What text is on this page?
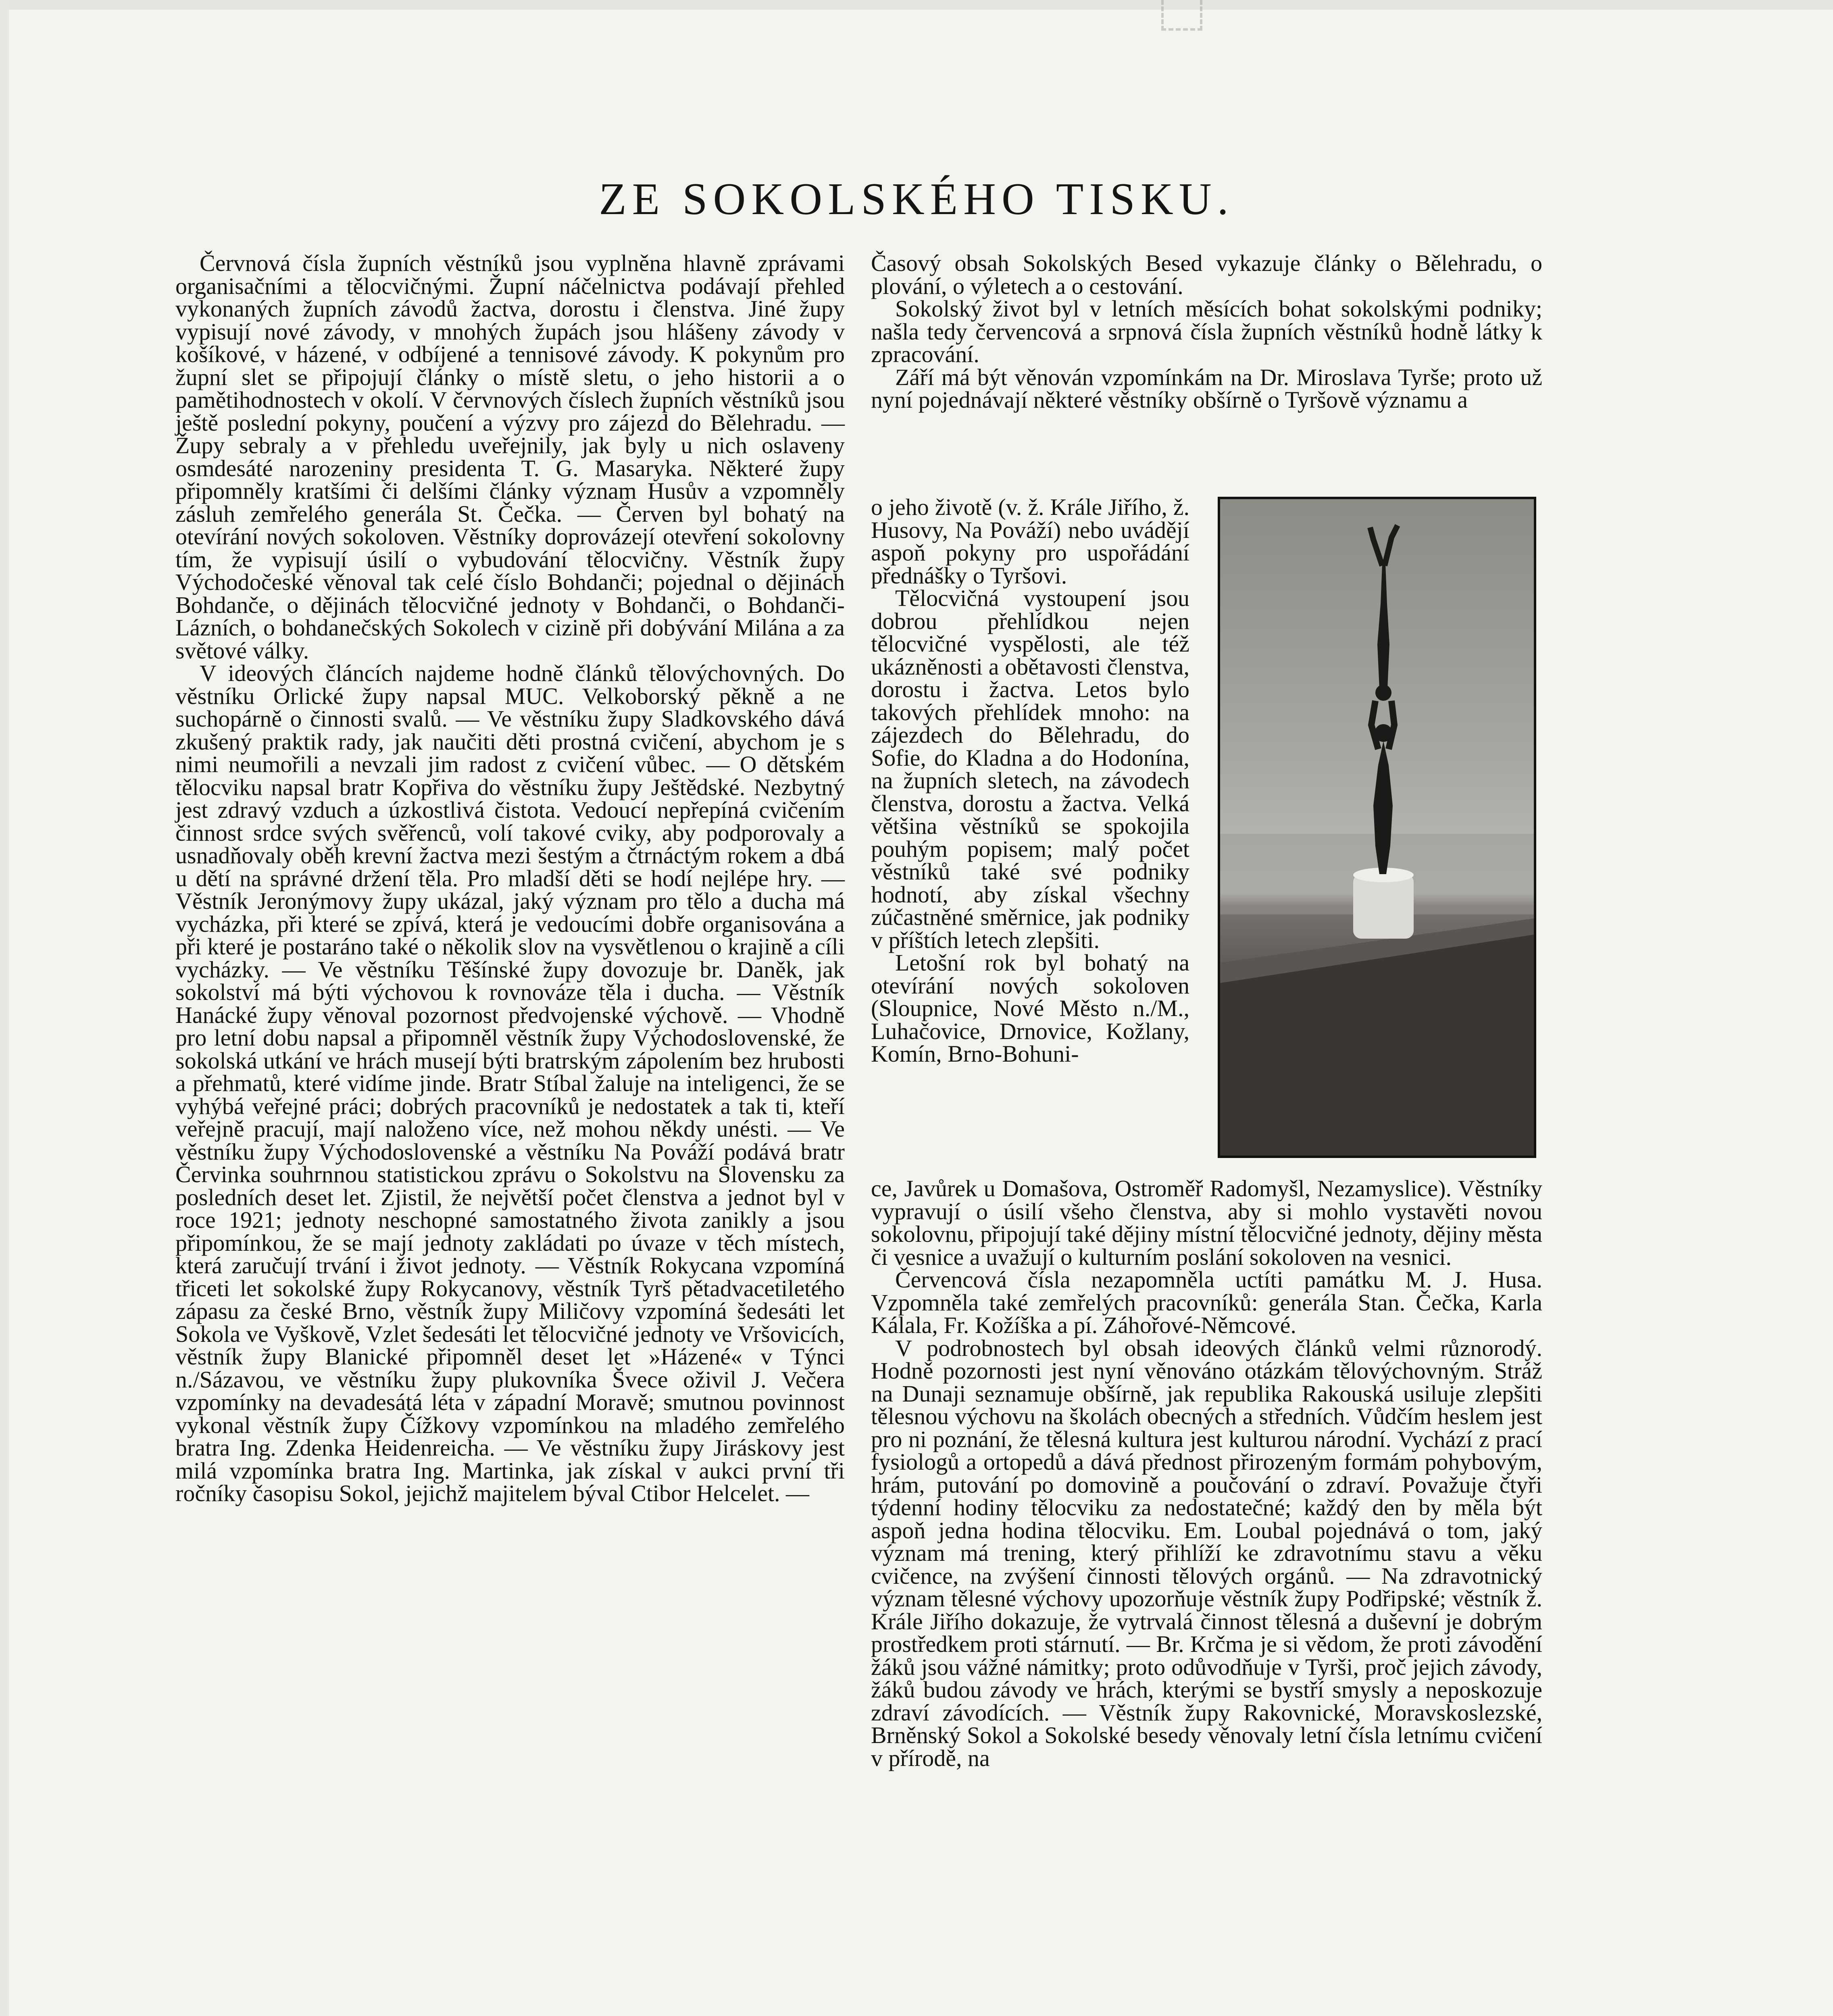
ZE SOKOLSKÉHO TISKU.

Červnová čísla župních věstníků jsou vyplněna hlavně zprávami organisačními a tělocvičnými. Župní náčelnictva podávají přehled vykonaných župních závodů žactva, dorostu i členstva. Jiné župy vypisují nové závody, v mnohých župách jsou hlášeny závody v košíkové, v házené, v odbíjené a tennisové závody. K pokynům pro župní slet se připojují články o místě sletu, o jeho historii a o pamětihodnostech v okolí. V červnových číslech župních věstníků jsou ještě poslední pokyny, poučení a výzvy pro zájezd do Bělehradu. — Župy sebraly a v přehledu uveřejnily, jak byly u nich oslaveny osmdesáté narozeniny presidenta T. G. Masaryka. Některé župy připomněly kratšími či delšími články význam Husův a vzpomněly zásluh zemřelého generála St. Čečka. — Červen byl bohatý na otevírání nových sokoloven. Věstníky doprovázejí otevření sokolovny tím, že vypisují úsilí o vybudování tělocvičny. Věstník župy Východočeské věnoval tak celé číslo Bohdanči; pojednal o dějinách Bohdanče, o dějinách tělocvičné jednoty v Bohdanči, o Bohdanči-Lázních, o bohdanečských Sokolech v cizině při dobývání Milána a za světové války.

V ideových článcích najdeme hodně článků tělovýchovných. Do věstníku Orlické župy napsal MUC. Velkoborský pěkně a ne suchopárně o činnosti svalů. — Ve věstníku župy Sladkovského dává zkušený praktik rady, jak naučiti děti prostná cvičení, abychom je s nimi neumořili a nevzali jim radost z cvičení vůbec. — O dětském tělocviku napsal bratr Kopřiva do věstníku župy Ještědské. Nezbytný jest zdravý vzduch a úzkostlivá čistota. Vedoucí nepřepíná cvičením činnost srdce svých svěřenců, volí takové cviky, aby podporovaly a usnadňovaly oběh krevní žactva mezi šestým a čtrnáctým rokem a dbá u dětí na správné držení těla. Pro mladší děti se hodí nejlépe hry. — Věstník Jeronýmovy župy ukázal, jaký význam pro tělo a ducha má vycházka, při které se zpívá, která je vedoucími dobře organisována a při které je postaráno také o několik slov na vysvětlenou o krajině a cíli vycházky. — Ve věstníku Těšínské župy dovozuje br. Daněk, jak sokolství má býti výchovou k rovnováze těla i ducha. — Věstník Hanácké župy věnoval pozornost předvojenské výchově. — Vhodně pro letní dobu napsal a připomněl věstník župy Východoslovenské, že sokolská utkání ve hrách musejí býti bratrským zápolením bez hrubosti a přehmatů, které vidíme jinde. Bratr Stíbal žaluje na inteligenci, že se vyhýbá veřejné práci; dobrých pracovníků je nedostatek a tak ti, kteří veřejně pracují, mají naloženo více, než mohou někdy unésti. — Ve věstníku župy Východoslovenské a věstníku Na Pováží podává bratr Červinka souhrnnou statistickou zprávu o Sokolstvu na Slovensku za posledních deset let. Zjistil, že největší počet členstva a jednot byl v roce 1921; jednoty neschopné samostatného života zanikly a jsou připomínkou, že se mají jednoty zakládati po úvaze v těch místech, která zaručují trvání i život jednoty. — Věstník Rokycana vzpomíná třiceti let sokolské župy Rokycanovy, věstník Tyrš pětadvacetiletého zápasu za české Brno, věstník župy Miličovy vzpomíná šedesáti let Sokola ve Vyškově, Vzlet šedesáti let tělocvičné jednoty ve Vršovicích, věstník župy Blanické připomněl deset let »Házené« v Týnci n./Sázavou, ve věstníku župy plukovníka Švece oživil J. Večera vzpomínky na devadesátá léta v západní Moravě; smutnou povinnost vykonal věstník župy Čížkovy vzpomínkou na mladého zemřelého bratra Ing. Zdenka Heidenreicha. — Ve věstníku župy Jiráskovy jest milá vzpomínka bratra Ing. Martinka, jak získal v aukci první tři ročníky časopisu Sokol, jejichž majitelem býval Ctibor Helcelet. —

Časový obsah Sokolských Besed vykazuje články o Bělehradu, o plování, o výletech a o cestování.

Sokolský život byl v letních měsících bohat sokolskými podniky; našla tedy červencová a srpnová čísla župních věstníků hodně látky k zpracování.

Září má být věnován vzpomínkám na Dr. Miroslava Tyrše; proto už nyní pojednávají některé věstníky obšírně o Tyršově významu a

o jeho životě (v. ž. Krále Jiřího, ž. Husovy, Na Pováží) nebo uvádějí aspoň pokyny pro uspořádání přednášky o Tyršovi.

Tělocvičná vystoupení jsou dobrou přehlídkou nejen tělocvičné vyspělosti, ale též ukázněnosti a obětavosti členstva, dorostu i žactva. Letos bylo takových přehlídek mnoho: na zájezdech do Bělehradu, do Sofie, do Kladna a do Hodonína, na župních sletech, na závodech členstva, dorostu a žactva. Velká většina věstníků se spokojila pouhým popisem; malý počet věstníků také své podniky hodnotí, aby získal všechny zúčastněné směrnice, jak podniky v příštích letech zlepšiti.

Letošní rok byl bohatý na otevírání nových sokoloven (Sloupnice, Nové Město n./M., Luhačovice, Drnovice, Kožlany, Komín, Brno-Bohuni-

ce, Javůrek u Domašova, Ostroměř Radomyšl, Nezamyslice). Věstníky vypravují o úsilí všeho členstva, aby si mohlo vystavěti novou sokolovnu, připojují také dějiny místní tělocvičné jednoty, dějiny města či vesnice a uvažují o kulturním poslání sokoloven na vesnici.

Červencová čísla nezapomněla uctíti památku M. J. Husa. Vzpomněla také zemřelých pracovníků: generála Stan. Čečka, Karla Kálala, Fr. Kožíška a pí. Záhořové-Němcové.

V podrobnostech byl obsah ideových článků velmi různorodý. Hodně pozornosti jest nyní věnováno otázkám tělovýchovným. Stráž na Dunaji seznamuje obšírně, jak republika Rakouská usiluje zlepšiti tělesnou výchovu na školách obecných a středních. Vůdčím heslem jest pro ni poznání, že tělesná kultura jest kulturou národní. Vychází z prací fysiologů a ortopedů a dává přednost přirozeným formám pohybovým, hrám, putování po domovině a poučování o zdraví. Považuje čtyři týdenní hodiny tělocviku za nedostatečné; každý den by měla být aspoň jedna hodina tělocviku. Em. Loubal pojednává o tom, jaký význam má trening, který přihlíží ke zdravotnímu stavu a věku cvičence, na zvýšení činnosti tělových orgánů. — Na zdravotnický význam tělesné výchovy upozorňuje věstník župy Podřipské; věstník ž. Krále Jiřího dokazuje, že vytrvalá činnost tělesná a duševní je dobrým prostředkem proti stárnutí. — Br. Krčma je si vědom, že proti závodění žáků jsou vážné námitky; proto odůvodňuje v Tyrši, proč jejich závody, žáků budou závody ve hrách, kterými se bystří smysly a neposkozuje zdraví závodících. — Věstník župy Rakovnické, Moravskoslezské, Brněnský Sokol a Sokolské besedy věnovaly letní čísla letnímu cvičení v přírodě, na
